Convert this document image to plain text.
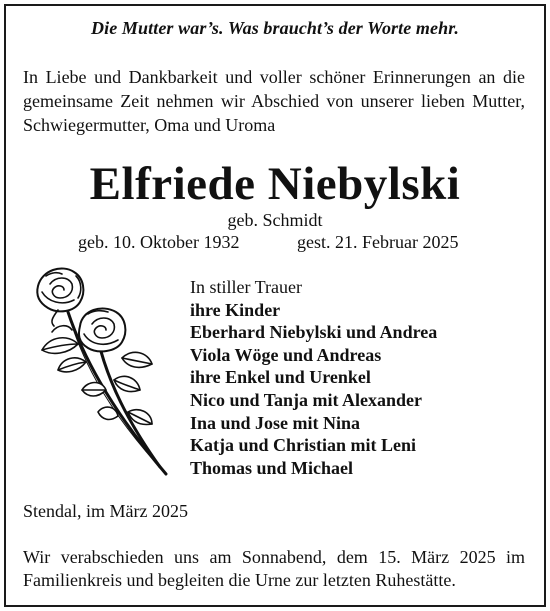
Die Mutter war’s. Was braucht’s der Worte mehr.
In Liebe und Dankbarkeit und voller schöner Erinnerungen an die gemeinsame Zeit nehmen wir Abschied von unserer lieben Mutter, Schwiegermutter, Oma und Uroma
Elfriede Niebylski
geb. Schmidt
geb. 10. Oktober 1932	gest. 21. Februar 2025
In stiller Trauer
ihre Kinder
Eberhard Niebylski und Andrea
Viola Wöge und Andreas
ihre Enkel und Urenkel
Nico und Tanja mit Alexander
Ina und Jose mit Nina
Katja und Christian mit Leni
Thomas und Michael
Stendal, im März 2025
Wir verabschieden uns am Sonnabend, dem 15. März 2025 im Familienkreis und begleiten die Urne zur letzten Ruhestätte.
